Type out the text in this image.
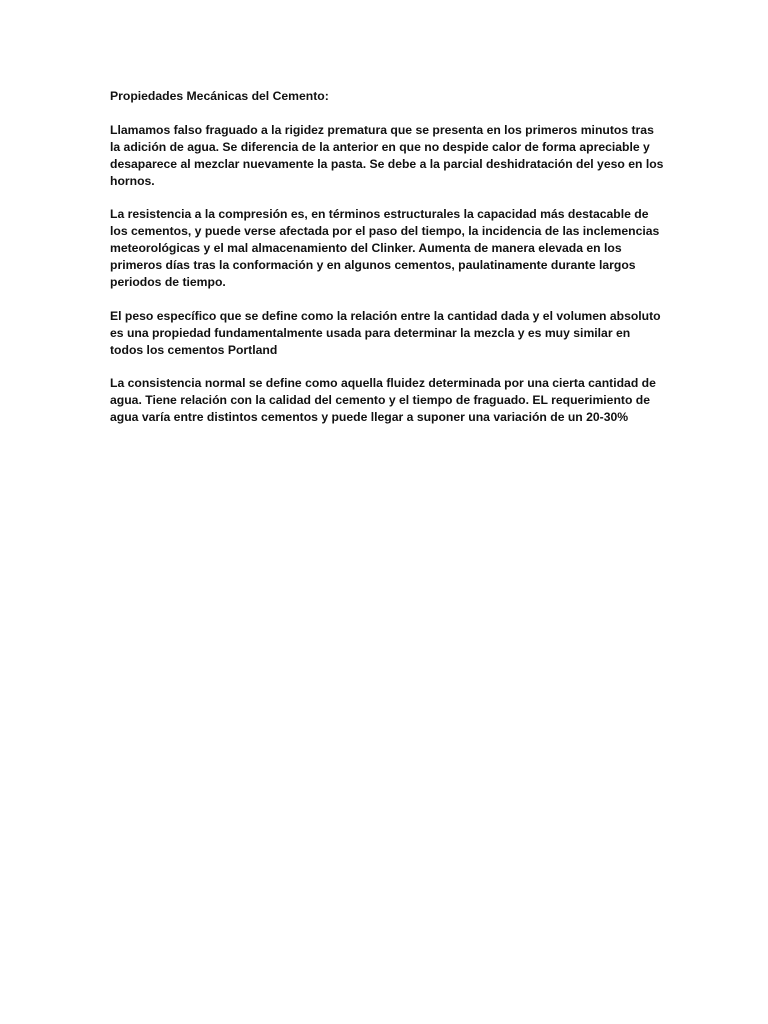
Propiedades Mecánicas del Cemento:

Llamamos falso fraguado a la rigidez prematura que se presenta en los primeros minutos tras la adición de agua. Se diferencia de la anterior en que no despide calor de forma apreciable y desaparece al mezclar nuevamente la pasta. Se debe a la parcial deshidratación del yeso en los hornos.

La resistencia a la compresión es, en términos estructurales la capacidad más destacable de los cementos, y puede verse afectada por el paso del tiempo, la incidencia de las inclemencias meteorológicas y el mal almacenamiento del Clinker. Aumenta de manera elevada en los primeros días tras la conformación y en algunos cementos, paulatinamente durante largos periodos de tiempo.

El peso específico que se define como la relación entre la cantidad dada y el volumen absoluto es una propiedad fundamentalmente usada para determinar la mezcla y es muy similar en todos los cementos Portland

La consistencia normal se define como aquella fluidez determinada por una cierta cantidad de agua. Tiene relación con la calidad del cemento y el tiempo de fraguado. EL requerimiento de agua varía entre distintos cementos y puede llegar a suponer una variación de un 20-30%
